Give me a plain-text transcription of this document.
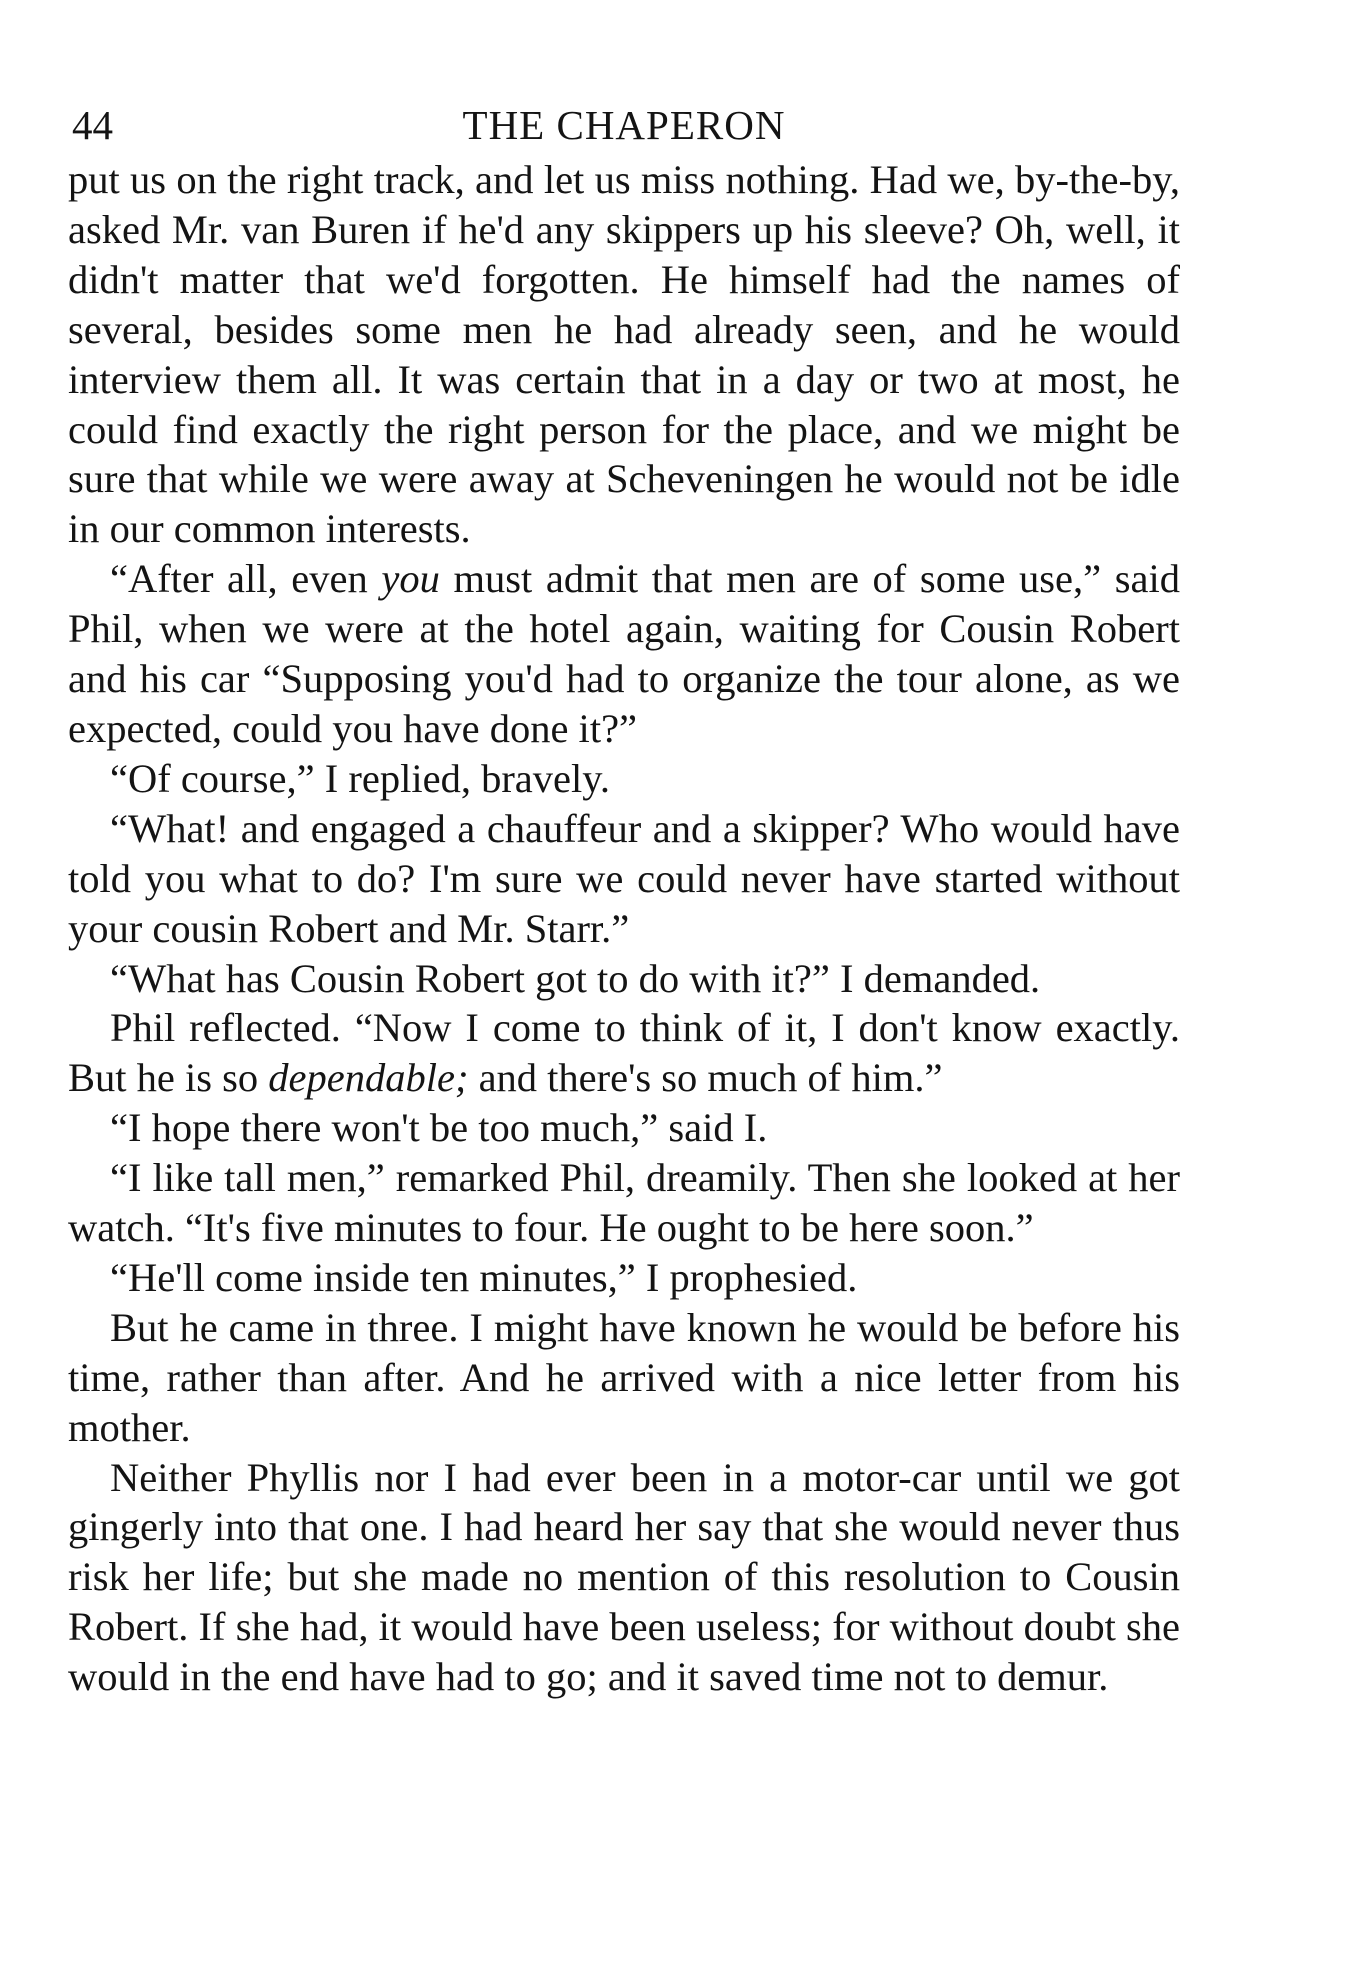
44	THE CHAPERON

put us on the right track, and let us miss nothing. Had we, by-the-by, asked Mr. van Buren if he'd any skippers up his sleeve? Oh, well, it didn't matter that we'd forgotten. He himself had the names of several, besides some men he had already seen, and he would interview them all. It was certain that in a day or two at most, he could find exactly the right person for the place, and we might be sure that while we were away at Scheveningen he would not be idle in our common interests.

“After all, even you must admit that men are of some use,” said Phil, when we were at the hotel again, waiting for Cousin Robert and his car “Supposing you'd had to organize the tour alone, as we expected, could you have done it?”

“Of course,” I replied, bravely.

“What! and engaged a chauffeur and a skipper? Who would have told you what to do? I'm sure we could never have started without your cousin Robert and Mr. Starr.”

“What has Cousin Robert got to do with it?” I demanded.

Phil reflected. “Now I come to think of it, I don't know exactly. But he is so dependable; and there's so much of him.”

“I hope there won't be too much,” said I.

“I like tall men,” remarked Phil, dreamily. Then she looked at her watch. “It's five minutes to four. He ought to be here soon.”

“He'll come inside ten minutes,” I prophesied.

But he came in three. I might have known he would be before his time, rather than after. And he arrived with a nice letter from his mother.

Neither Phyllis nor I had ever been in a motor-car until we got gingerly into that one. I had heard her say that she would never thus risk her life; but she made no mention of this resolution to Cousin Robert. If she had, it would have been useless; for without doubt she would in the end have had to go; and it saved time not to demur.
